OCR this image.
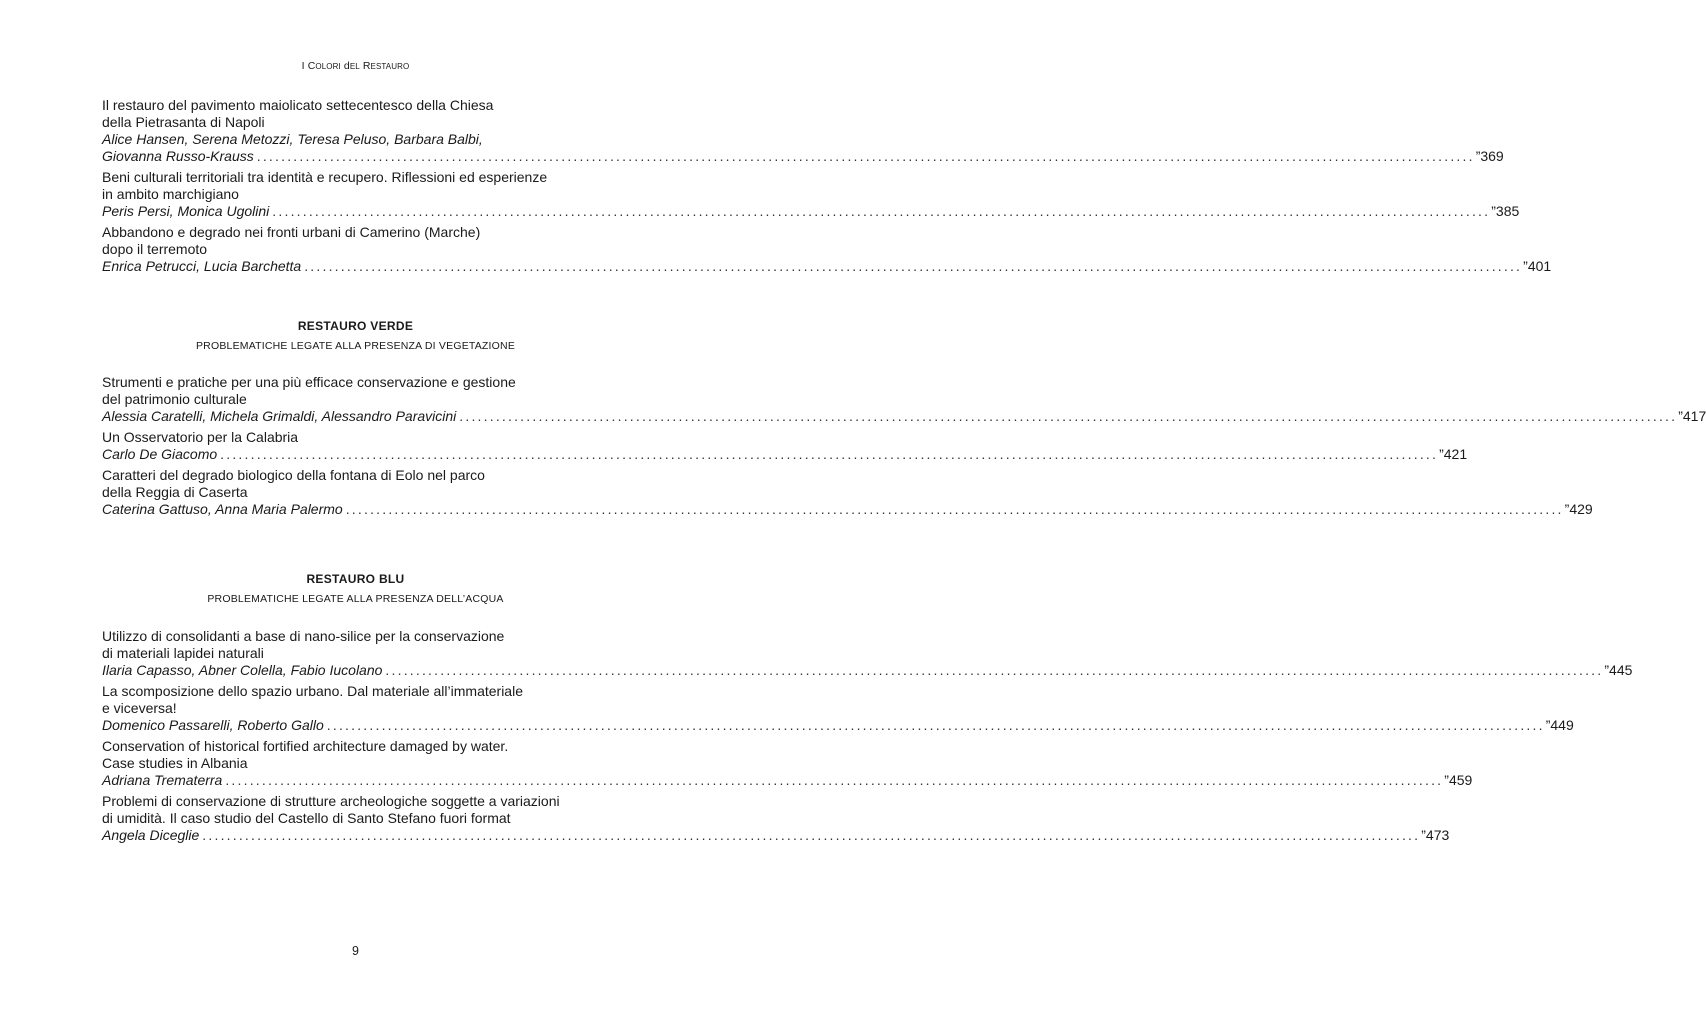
I COLORI dEL RESTAURO
Il restauro del pavimento maiolicato settecentesco della Chiesa
della Pietrasanta di Napoli
Alice Hansen, Serena Metozzi, Teresa Peluso, Barbara Balbi,
Giovanna Russo-Krauss ........................................................................................................................................................................................................ ” 369
Beni culturali territoriali tra identità e recupero. Riflessioni ed esperienze
in ambito marchigiano
Peris Persi, Monica Ugolini ........................................................................................................................................................................................................ ” 385
Abbandono e degrado nei fronti urbani di Camerino (Marche)
dopo il terremoto
Enrica Petrucci, Lucia Barchetta ........................................................................................................................................................................................................ ” 401
RESTAURO VERDE
PROBLEMATICHE LEGATE ALLA PRESENZA DI VEGETAZIONE
Strumenti e pratiche per una più efficace conservazione e gestione
del patrimonio culturale
Alessia Caratelli, Michela Grimaldi, Alessandro Paravicini ........................................................................................................................................................................................................ ” 417
Un Osservatorio per la Calabria
Carlo De Giacomo ........................................................................................................................................................................................................ ” 421
Caratteri del degrado biologico della fontana di Eolo nel parco
della Reggia di Caserta
Caterina Gattuso, Anna Maria Palermo ........................................................................................................................................................................................................ ” 429
RESTAURO BLU
PROBLEMATICHE LEGATE ALLA PRESENZA DELL’ACQUA
Utilizzo di consolidanti a base di nano-silice per la conservazione
di materiali lapidei naturali
Ilaria Capasso, Abner Colella, Fabio Iucolano ........................................................................................................................................................................................................ ” 445
La scomposizione dello spazio urbano. Dal materiale all’immateriale
e viceversa!
Domenico Passarelli, Roberto Gallo ........................................................................................................................................................................................................ ” 449
Conservation of historical fortified architecture damaged by water.
Case studies in Albania
Adriana Trematerra ........................................................................................................................................................................................................ ” 459
Problemi di conservazione di strutture archeologiche soggette a variazioni
di umidità. Il caso studio del Castello di Santo Stefano fuori format
Angela Diceglie ........................................................................................................................................................................................................ ” 473
9
